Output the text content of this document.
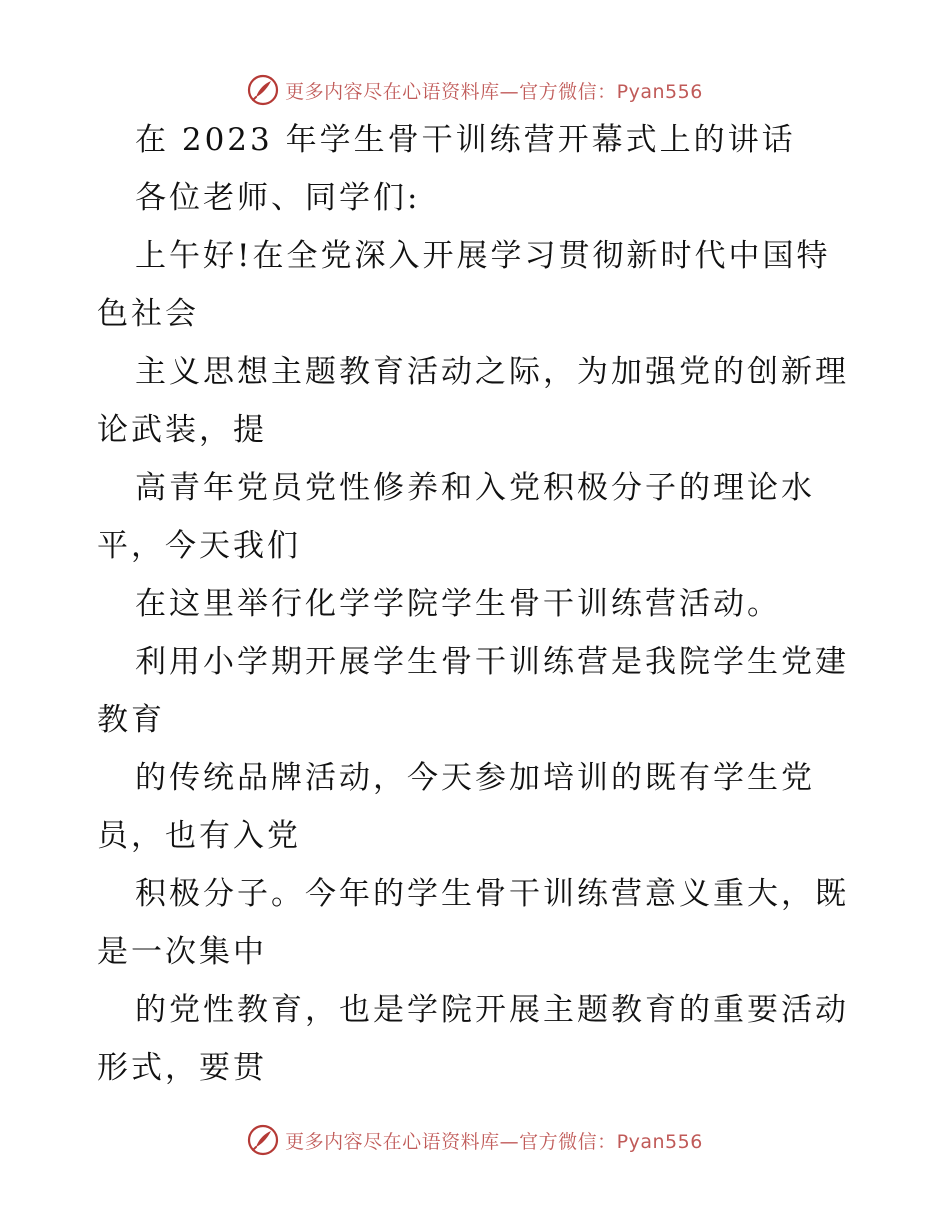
更多内容尽在心语资料库—官方微信：Pyan556
在 2023 年学生骨干训练营开幕式上的讲话
各位老师、同学们:
上午好!在全党深入开展学习贯彻新时代中国特
色社会
主义思想主题教育活动之际，为加强党的创新理
论武装，提
高青年党员党性修养和入党积极分子的理论水
平，今天我们
在这里举行化学学院学生骨干训练营活动。
利用小学期开展学生骨干训练营是我院学生党建
教育
的传统品牌活动，今天参加培训的既有学生党
员，也有入党
积极分子。今年的学生骨干训练营意义重大，既
是一次集中
的党性教育，也是学院开展主题教育的重要活动
形式，要贯
更多内容尽在心语资料库—官方微信：Pyan556
